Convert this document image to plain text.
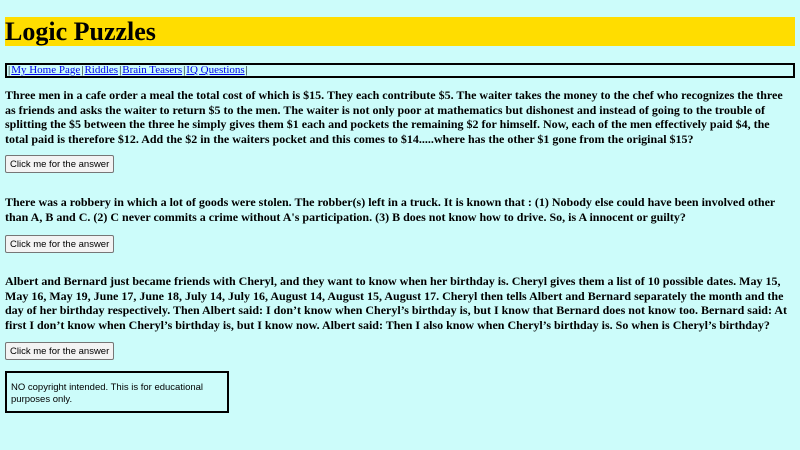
Logic Puzzles
|My Home Page|Riddles|Brain Teasers|IQ Questions|

Three men in a cafe order a meal the total cost of which is $15. They each contribute $5. The waiter takes the money to the chef who recognizes the three as friends and asks the waiter to return $5 to the men. The waiter is not only poor at mathematics but dishonest and instead of going to the trouble of splitting the $5 between the three he simply gives them $1 each and pockets the remaining $2 for himself. Now, each of the men effectively paid $4, the total paid is therefore $12. Add the $2 in the waiters pocket and this comes to $14.....where has the other $1 gone from the original $15?

Click me for the answer

There was a robbery in which a lot of goods were stolen. The robber(s) left in a truck. It is known that : (1) Nobody else could have been involved other than A, B and C. (2) C never commits a crime without A's participation. (3) B does not know how to drive. So, is A innocent or guilty?

Click me for the answer

Albert and Bernard just became friends with Cheryl, and they want to know when her birthday is. Cheryl gives them a list of 10 possible dates. May 15, May 16, May 19, June 17, June 18, July 14, July 16, August 14, August 15, August 17. Cheryl then tells Albert and Bernard separately the month and the day of her birthday respectively. Then Albert said: I don’t know when Cheryl’s birthday is, but I know that Bernard does not know too. Bernard said: At first I don’t know when Cheryl’s birthday is, but I know now. Albert said: Then I also know when Cheryl’s birthday is. So when is Cheryl’s birthday?

Click me for the answer
NO copyright intended. This is for educational purposes only.
